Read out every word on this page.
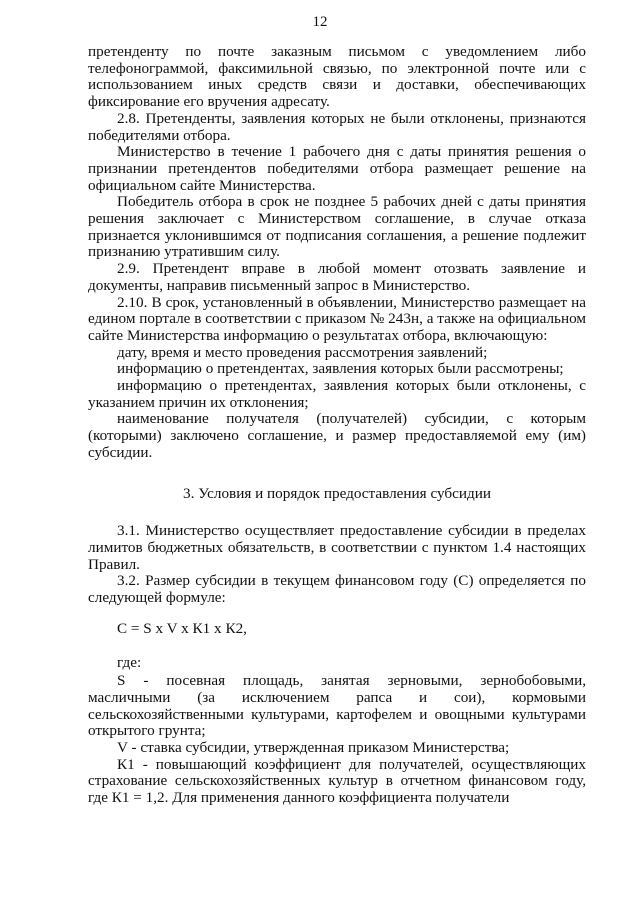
12

претенденту по почте заказным письмом с уведомлением либо телефонограммой, факсимильной связью, по электронной почте или с использованием иных средств связи и доставки, обеспечивающих фиксирование его вручения адресату.

2.8. Претенденты, заявления которых не были отклонены, признаются победителями отбора.

Министерство в течение 1 рабочего дня с даты принятия решения о признании претендентов победителями отбора размещает решение на официальном сайте Министерства.

Победитель отбора в срок не позднее 5 рабочих дней с даты принятия решения заключает с Министерством соглашение, в случае отказа признается уклонившимся от подписания соглашения, а решение подлежит признанию утратившим силу.

2.9. Претендент вправе в любой момент отозвать заявление и документы, направив письменный запрос в Министерство.

2.10. В срок, установленный в объявлении, Министерство размещает на едином портале в соответствии с приказом № 243н, а также на официальном сайте Министерства информацию о результатах отбора, включающую:

дату, время и место проведения рассмотрения заявлений;

информацию о претендентах, заявления которых были рассмотрены;

информацию о претендентах, заявления которых были отклонены, с указанием причин их отклонения;

наименование получателя (получателей) субсидии, с которым (которыми) заключено соглашение, и размер предоставляемой ему (им) субсидии.

3. Условия и порядок предоставления субсидии

3.1. Министерство осуществляет предоставление субсидии в пределах лимитов бюджетных обязательств, в соответствии с пунктом 1.4 настоящих Правил.

3.2. Размер субсидии в текущем финансовом году (С) определяется по следующей формуле:

С = S x V x К1 x К2,

где:

S - посевная площадь, занятая зерновыми, зернобобовыми, масличными (за исключением рапса и сои), кормовыми сельскохозяйственными культурами, картофелем и овощными культурами открытого грунта;

V - ставка субсидии, утвержденная приказом Министерства;

К1 - повышающий коэффициент для получателей, осуществляющих страхование сельскохозяйственных культур в отчетном финансовом году, где К1 = 1,2. Для применения данного коэффициента получатели
